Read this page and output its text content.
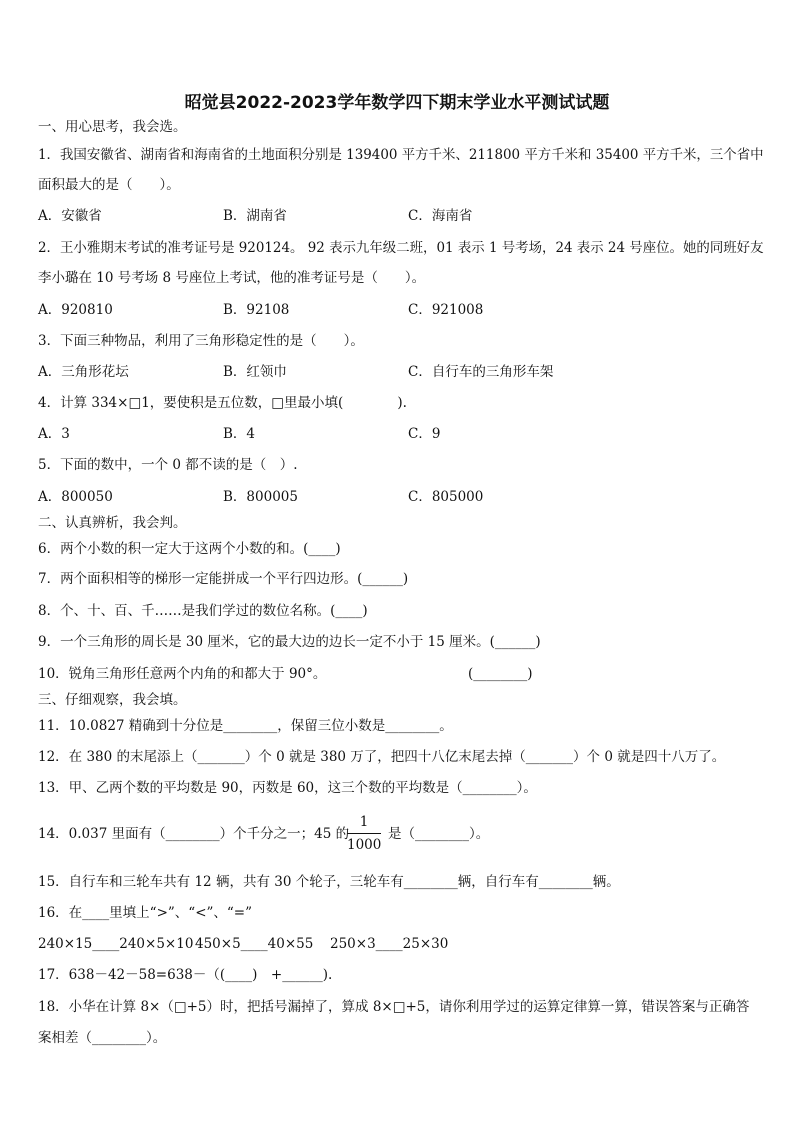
昭觉县2022-2023学年数学四下期末学业水平测试试题
一、用心思考，我会选。
1．我国安徽省、湖南省和海南省的土地面积分别是 139400 平方千米、211800 平方千米和 35400 平方千米，三个省中
面积最大的是（　　）。
A．安徽省	B．湖南省	C．海南省
2．王小雅期末考试的准考证号是 920124。 92 表示九年级二班，01 表示 1 号考场，24 表示 24 号座位。她的同班好友
李小璐在 10 号考场 8 号座位上考试，他的准考证号是（　　）。
A．920810	B．92108	C．921008
3．下面三种物品，利用了三角形稳定性的是（　　）。
A．三角形花坛	B．红领巾	C．自行车的三角形车架
4．计算 334×□1，要使积是五位数，□里最小填(　　　　).
A．3	B．4	C．9
5．下面的数中，一个 0 都不读的是（　）.
A．800050	B．800005	C．805000
二、认真辨析，我会判。
6．两个小数的积一定大于这两个小数的和。(____)
7．两个面积相等的梯形一定能拼成一个平行四边形。(______)
8．个、十、百、千……是我们学过的数位名称。(____)
9．一个三角形的周长是 30 厘米，它的最大边的边长一定不小于 15 厘米。(______)
10．锐角三角形任意两个内角的和都大于 90°。	(________)
三、仔细观察，我会填。
11．10.0827 精确到十分位是________，保留三位小数是________。
12．在 380 的末尾添上（_______）个 0 就是 380 万了，把四十八亿末尾去掉（_______）个 0 就是四十八万了。
13．甲、乙两个数的平均数是 90，丙数是 60，这三个数的平均数是（________）。
14．0.037 里面有（________）个千分之一；45 的
1
1000
是（________）。
15．自行车和三轮车共有 12 辆，共有 30 个轮子，三轮车有________辆，自行车有________辆。
16．在____里填上“>”、“<”、“=”
240×15____240×5×10 450×5____40×55 250×3____25×30
17．638－42－58=638－（(____)　+______).
18．小华在计算 8×（□+5）时，把括号漏掉了，算成 8×□+5，请你利用学过的运算定律算一算，错误答案与正确答
案相差（________）。
